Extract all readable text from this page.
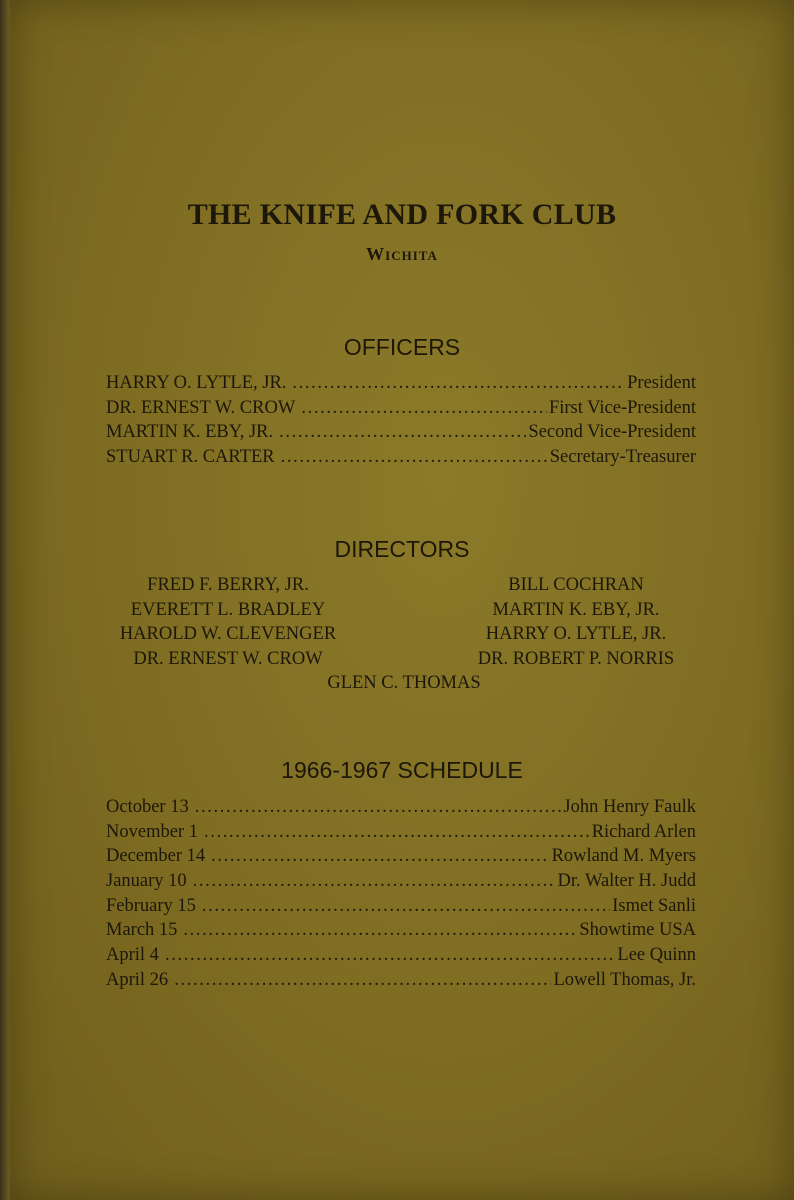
THE KNIFE AND FORK CLUB
Wichita
OFFICERS
HARRY O. LYTLE, JR. . . .	President
DR. ERNEST W. CROW . . .	First Vice-President
MARTIN K. EBY, JR. . . .	Second Vice-President
STUART R. CARTER . . .	Secretary-Treasurer
DIRECTORS
FRED F. BERRY, JR.	BILL COCHRAN
EVERETT L. BRADLEY	MARTIN K. EBY, JR.
HAROLD W. CLEVENGER	HARRY O. LYTLE, JR.
DR. ERNEST W. CROW	DR. ROBERT P. NORRIS
GLEN C. THOMAS
1966-1967 SCHEDULE
October 13 . . .	John Henry Faulk
November 1 . . .	Richard Arlen
December 14 . . .	Rowland M. Myers
January 10 . . .	Dr. Walter H. Judd
February 15 . . .	Ismet Sanli
March 15 . . .	Showtime USA
April 4 . . .	Lee Quinn
April 26 . . .	Lowell Thomas, Jr.
